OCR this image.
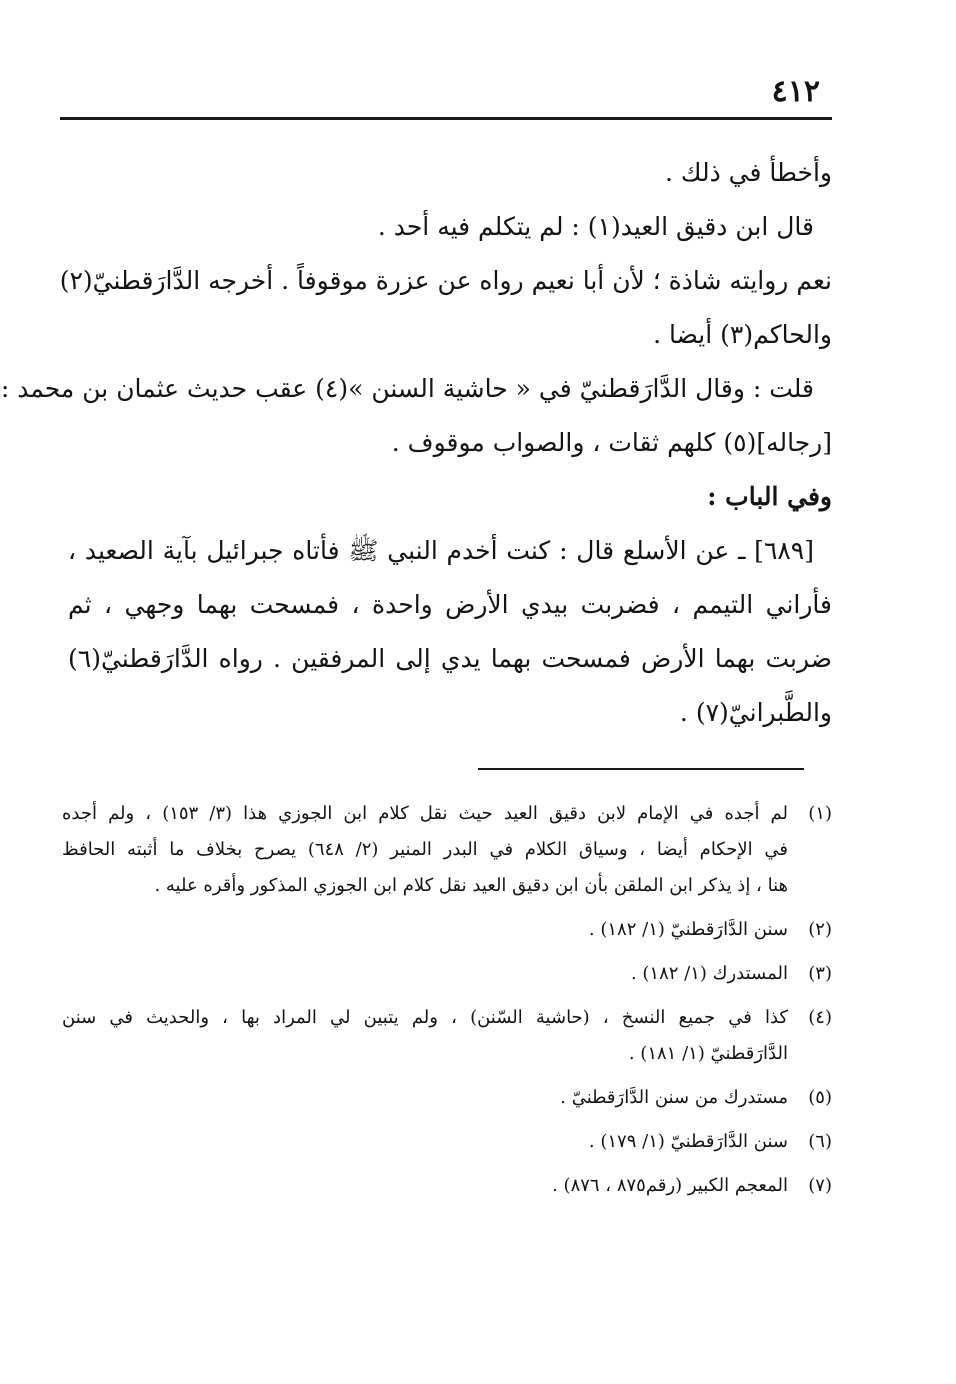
٤١٢
وأخطأ في ذلك .
قال ابن دقيق العيد(١) : لم يتكلم فيه أحد .
نعم روايته شاذة ؛ لأن أبا نعيم رواه عن عزرة موقوفاً . أخرجه الدَّارَقطنيّ(٢)
والحاكم(٣) أيضا .
قلت : وقال الدَّارَقطنيّ في « حاشية السنن »(٤) عقب حديث عثمان بن محمد :
[رجاله](٥) كلهم ثقات ، والصواب موقوف .
وفي الباب :
[٦٨٩] ـ عن الأسلع قال : كنت أخدم النبي ﷺ فأتاه جبرائيل بآية الصعيد ،
فأراني التيمم ، فضربت بيدي الأرض واحدة ، فمسحت بهما وجهي ، ثم
ضربت بهما الأرض فمسحت بهما يدي إلى المرفقين . رواه الدَّارَقطنيّ(٦)
والطَّبرانيّ(٧) .
(١)
لم أجده في الإمام لابن دقيق العيد حيث نقل كلام ابن الجوزي هذا (٣/ ١٥٣) ، ولم أجده
في الإحكام أيضا ، وسياق الكلام في البدر المنير (٢/ ٦٤٨) يصرح بخلاف ما أثبته الحافظ
هنا ، إذ يذكر ابن الملقن بأن ابن دقيق العيد نقل كلام ابن الجوزي المذكور وأقره عليه .
(٢)
سنن الدَّارَقطنيّ (١/ ١٨٢) .
(٣)
المستدرك (١/ ١٨٢) .
(٤)
كذا في جميع النسخ ، (حاشية السّنن) ، ولم يتبين لي المراد بها ، والحديث في سنن
الدَّارَقطنيّ (١/ ١٨١) .
(٥)
مستدرك من سنن الدَّارَقطنيّ .
(٦)
سنن الدَّارَقطنيّ (١/ ١٧٩) .
(٧)
المعجم الكبير (رقم٨٧٥ ، ٨٧٦) .
